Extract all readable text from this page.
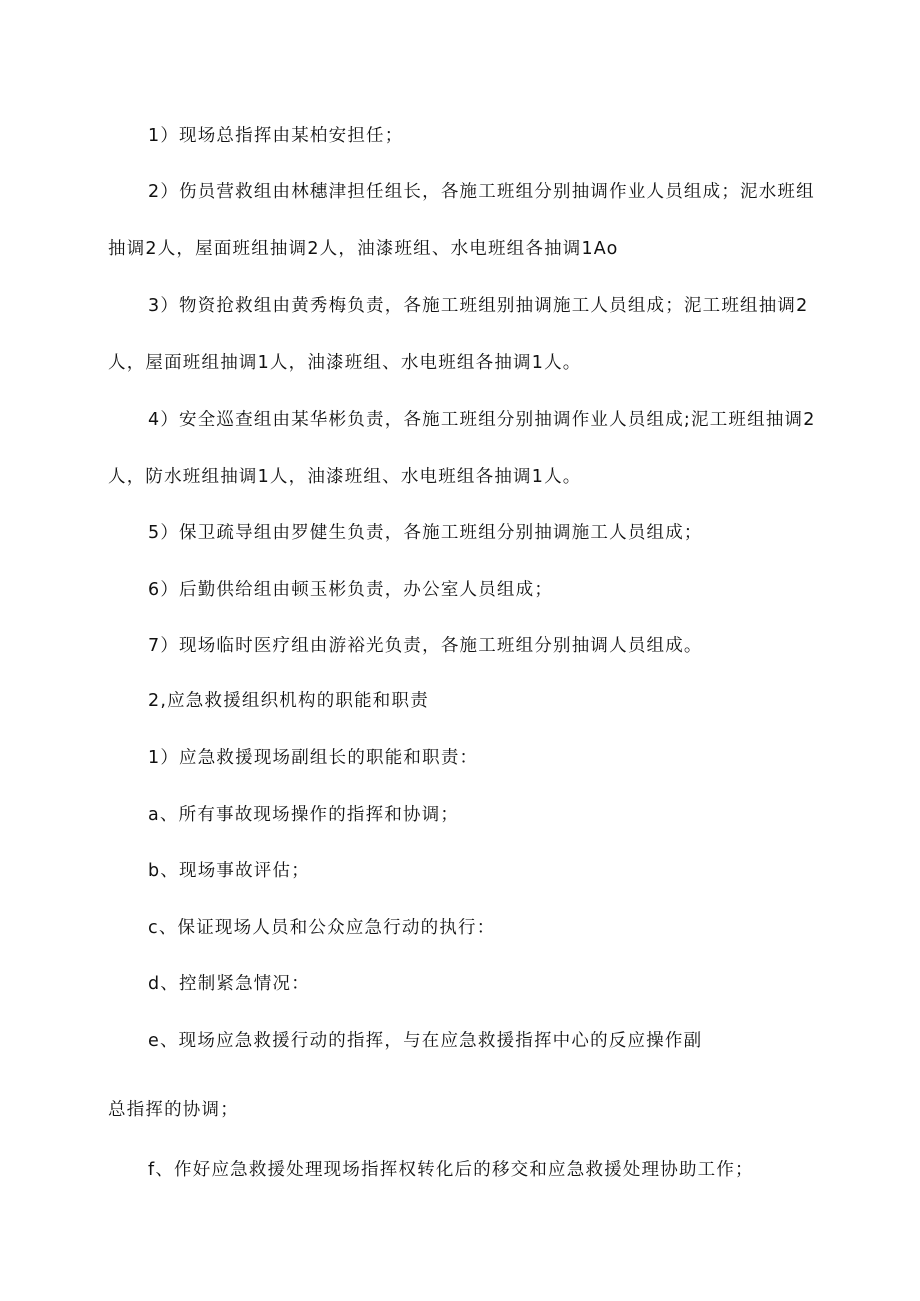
1）现场总指挥由某柏安担任；
2）伤员营救组由林穗津担任组长，各施工班组分别抽调作业人员组成；泥水班组
抽调2人，屋面班组抽调2人，油漆班组、水电班组各抽调1Ao
3）物资抢救组由黄秀梅负责，各施工班组别抽调施工人员组成；泥工班组抽调2
人，屋面班组抽调1人，油漆班组、水电班组各抽调1人。
4）安全巡查组由某华彬负责，各施工班组分别抽调作业人员组成;泥工班组抽调2
人，防水班组抽调1人，油漆班组、水电班组各抽调1人。
5）保卫疏导组由罗健生负责，各施工班组分别抽调施工人员组成；
6）后勤供给组由顿玉彬负责，办公室人员组成；
7）现场临时医疗组由游裕光负责，各施工班组分别抽调人员组成。
2,应急救援组织机构的职能和职责
1）应急救援现场副组长的职能和职责：
a、所有事故现场操作的指挥和协调；
b、现场事故评估；
c、保证现场人员和公众应急行动的执行：
d、控制紧急情况：
e、现场应急救援行动的指挥，与在应急救援指挥中心的反应操作副
总指挥的协调；
f、作好应急救援处理现场指挥权转化后的移交和应急救援处理协助工作；
